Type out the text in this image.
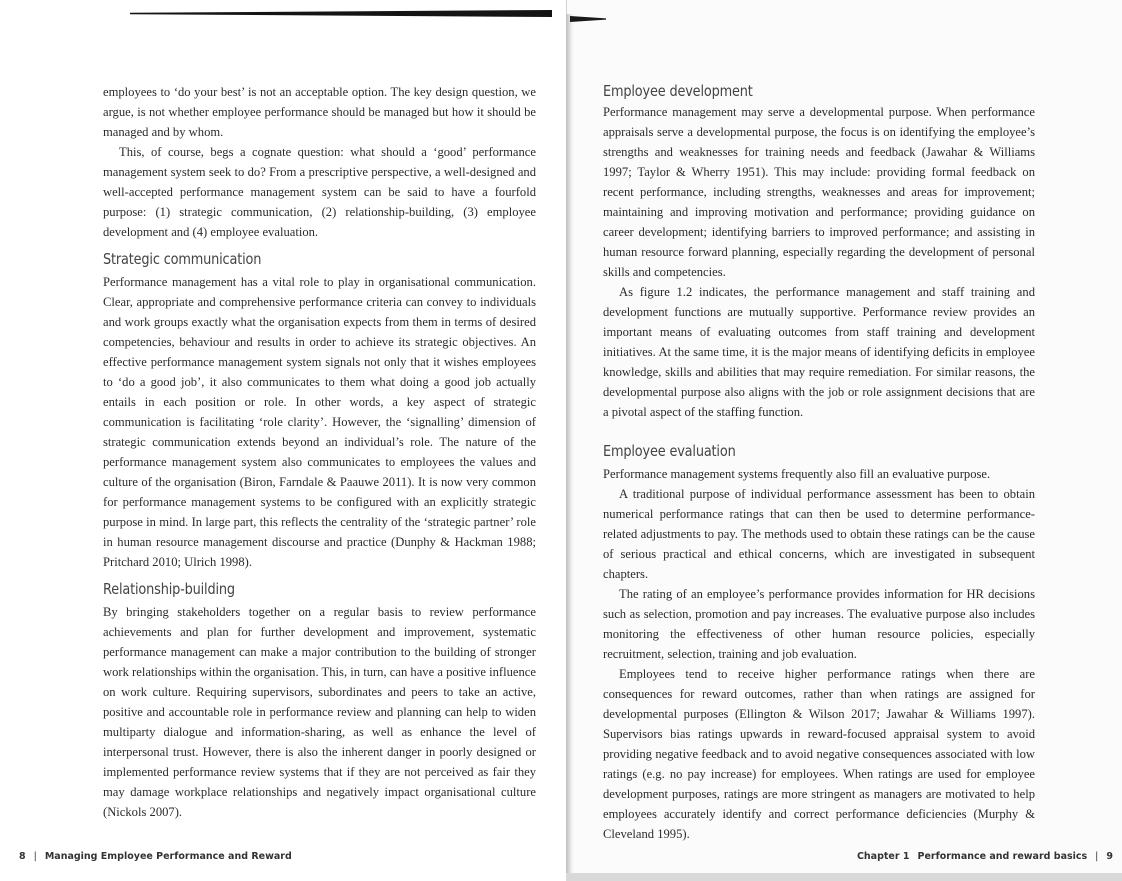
employees to ‘do your best’ is not an acceptable option. The key design question, we argue, is not whether employee performance should be managed but how it should be managed and by whom.

This, of course, begs a cognate question: what should a ‘good’ performance management system seek to do? From a prescriptive perspective, a well-designed and well-accepted performance management system can be said to have a fourfold purpose: (1) strategic communication, (2) relationship-building, (3) employee development and (4) employee evaluation.

Strategic communication

Performance management has a vital role to play in organisational communication. Clear, appropriate and comprehensive performance criteria can convey to individuals and work groups exactly what the organisation expects from them in terms of desired competencies, behaviour and results in order to achieve its strategic objectives. An effective performance management system signals not only that it wishes employees to ‘do a good job’, it also communicates to them what doing a good job actually entails in each position or role. In other words, a key aspect of strategic communication is facilitating ‘role clarity’. However, the ‘signalling’ dimension of strategic communication extends beyond an individual’s role. The nature of the performance management system also communicates to employees the values and culture of the organisation (Biron, Farndale & Paauwe 2011). It is now very common for performance management systems to be configured with an explicitly strategic purpose in mind. In large part, this reflects the centrality of the ‘strategic partner’ role in human resource management discourse and practice (Dunphy & Hackman 1988; Pritchard 2010; Ulrich 1998).

Relationship-building

By bringing stakeholders together on a regular basis to review performance achievements and plan for further development and improvement, systematic performance management can make a major contribution to the building of stronger work relationships within the organisation. This, in turn, can have a positive influence on work culture. Requiring supervisors, subordinates and peers to take an active, positive and accountable role in performance review and planning can help to widen multiparty dialogue and information-sharing, as well as enhance the level of interpersonal trust. However, there is also the inherent danger in poorly designed or implemented performance review systems that if they are not perceived as fair they may damage workplace relationships and negatively impact organisational culture (Nickols 2007).

Employee development

Performance management may serve a developmental purpose. When performance appraisals serve a developmental purpose, the focus is on identifying the employee’s strengths and weaknesses for training needs and feedback (Jawahar & Williams 1997; Taylor & Wherry 1951). This may include: providing formal feedback on recent performance, including strengths, weaknesses and areas for improvement; maintaining and improving motivation and performance; providing guidance on career development; identifying barriers to improved performance; and assisting in human resource forward planning, especially regarding the development of personal skills and competencies.

As figure 1.2 indicates, the performance management and staff training and development functions are mutually supportive. Performance review provides an important means of evaluating outcomes from staff training and development initiatives. At the same time, it is the major means of identifying deficits in employee knowledge, skills and abilities that may require remediation. For similar reasons, the developmental purpose also aligns with the job or role assignment decisions that are a pivotal aspect of the staffing function.

Employee evaluation

Performance management systems frequently also fill an evaluative purpose.

A traditional purpose of individual performance assessment has been to obtain numerical performance ratings that can then be used to determine performance-related adjustments to pay. The methods used to obtain these ratings can be the cause of serious practical and ethical concerns, which are investigated in subsequent chapters.

The rating of an employee’s performance provides information for HR decisions such as selection, promotion and pay increases. The evaluative purpose also includes monitoring the effectiveness of other human resource policies, especially recruitment, selection, training and job evaluation.

Employees tend to receive higher performance ratings when there are consequences for reward outcomes, rather than when ratings are assigned for developmental purposes (Ellington & Wilson 2017; Jawahar & Williams 1997). Supervisors bias ratings upwards in reward-focused appraisal system to avoid providing negative feedback and to avoid negative consequences associated with low ratings (e.g. no pay increase) for employees. When ratings are used for employee development purposes, ratings are more stringent as managers are motivated to help employees accurately identify and correct performance deficiencies (Murphy & Cleveland 1995).

8 | Managing Employee Performance and Reward	Chapter 1 Performance and reward basics | 9
